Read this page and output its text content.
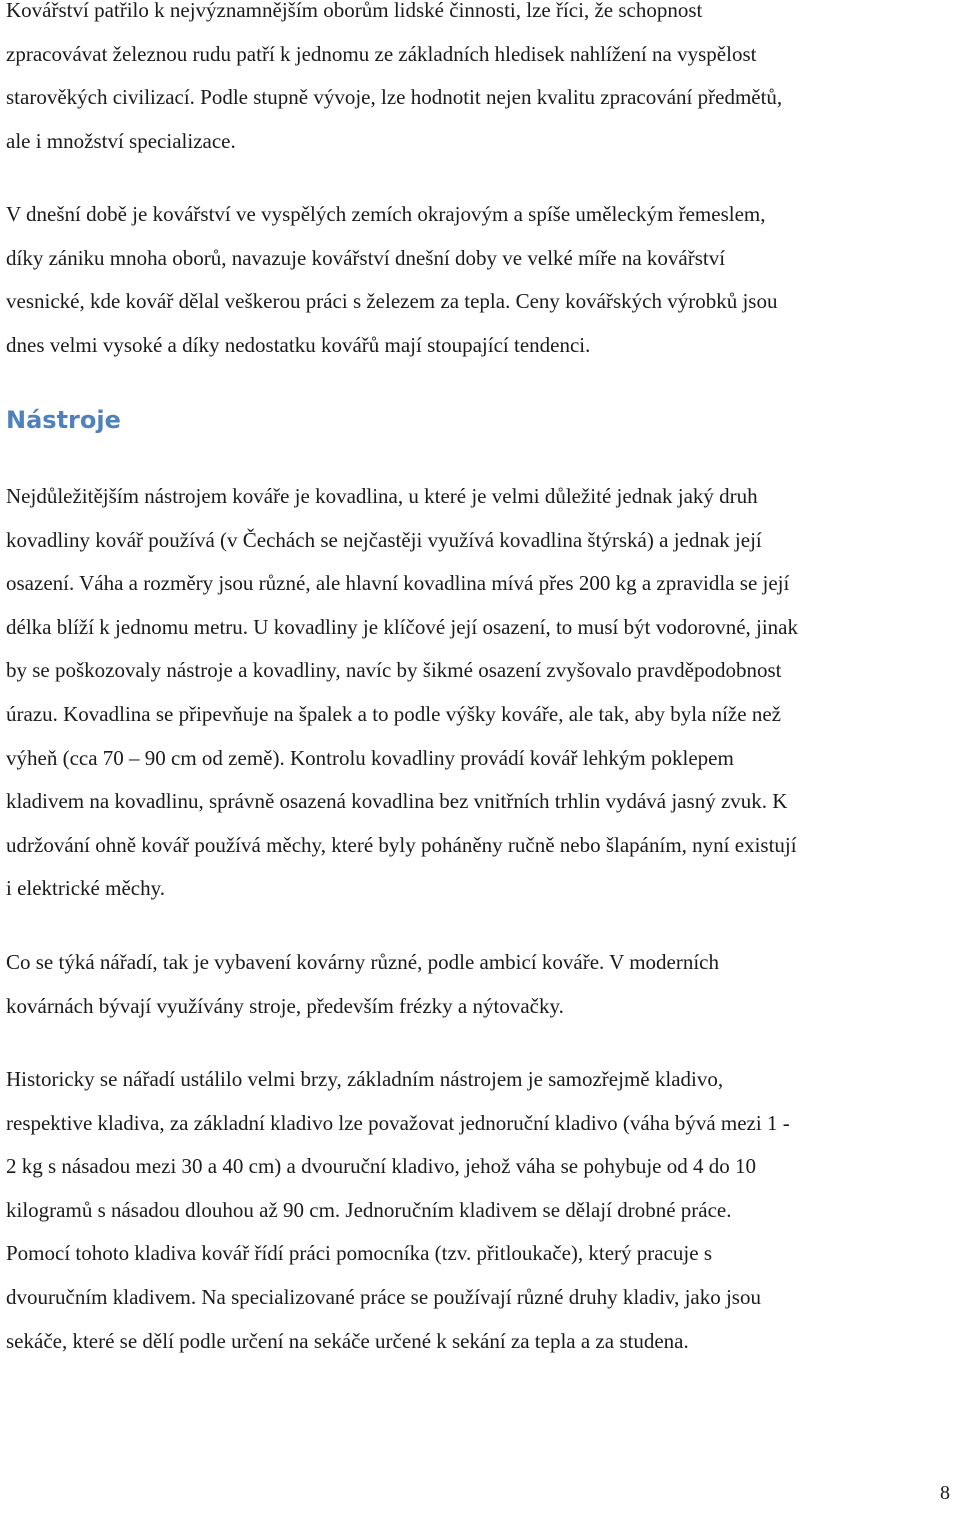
Kovářství patřilo k nejvýznamnějším oborům lidské činnosti, lze říci, že schopnost
zpracovávat železnou rudu patří k jednomu ze základních hledisek nahlížení na vyspělost
starověkých civilizací. Podle stupně vývoje, lze hodnotit nejen kvalitu zpracování předmětů,
ale i množství specializace.

V dnešní době je kovářství ve vyspělých zemích okrajovým a spíše uměleckým řemeslem,
díky zániku mnoha oborů, navazuje kovářství dnešní doby ve velké míře na kovářství
vesnické, kde kovář dělal veškerou práci s železem za tepla. Ceny kovářských výrobků jsou
dnes velmi vysoké a díky nedostatku kovářů mají stoupající tendenci.

Nástroje

Nejdůležitějším nástrojem kováře je kovadlina, u které je velmi důležité jednak jaký druh
kovadliny kovář používá (v Čechách se nejčastěji využívá kovadlina štýrská) a jednak její
osazení. Váha a rozměry jsou různé, ale hlavní kovadlina mívá přes 200 kg a zpravidla se její
délka blíží k jednomu metru. U kovadliny je klíčové její osazení, to musí být vodorovné, jinak
by se poškozovaly nástroje a kovadliny, navíc by šikmé osazení zvyšovalo pravděpodobnost
úrazu. Kovadlina se připevňuje na špalek a to podle výšky kováře, ale tak, aby byla níže než
výheň (cca 70 – 90 cm od země). Kontrolu kovadliny provádí kovář lehkým poklepem
kladivem na kovadlinu, správně osazená kovadlina bez vnitřních trhlin vydává jasný zvuk. K
udržování ohně kovář používá měchy, které byly poháněny ručně nebo šlapáním, nyní existují
i elektrické měchy.

Co se týká nářadí, tak je vybavení kovárny různé, podle ambicí kováře. V moderních
kovárnách bývají využívány stroje, především frézky a nýtovačky.

Historicky se nářadí ustálilo velmi brzy, základním nástrojem je samozřejmě kladivo,
respektive kladiva, za základní kladivo lze považovat jednoruční kladivo (váha bývá mezi 1 -
2 kg s násadou mezi 30 a 40 cm) a dvouruční kladivo, jehož váha se pohybuje od 4 do 10
kilogramů s násadou dlouhou až 90 cm. Jednoručním kladivem se dělají drobné práce.
Pomocí tohoto kladiva kovář řídí práci pomocníka (tzv. přitloukače), který pracuje s
dvouručním kladivem. Na specializované práce se používají různé druhy kladiv, jako jsou
sekáče, které se dělí podle určení na sekáče určené k sekání za tepla a za studena.

8
